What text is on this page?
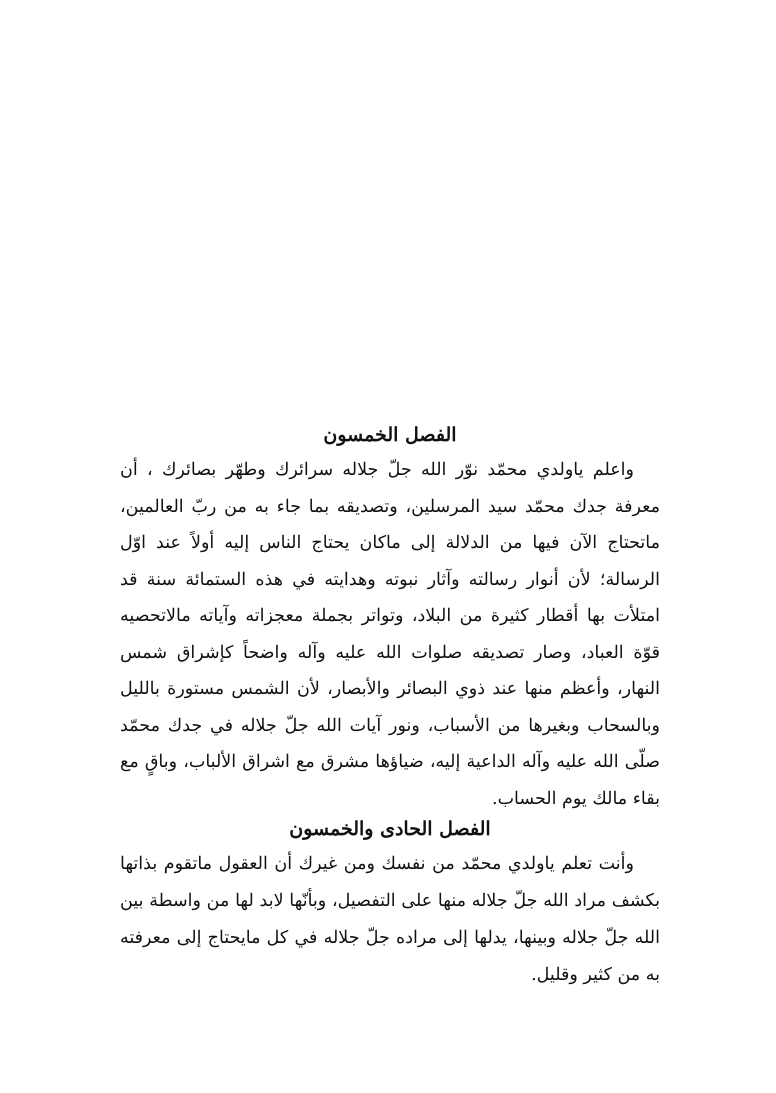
الفصل الخمسون

واعلم ياولدي محمّد نوّر الله جلّ جلاله سرائرك وطهّر بصائرك ، أن معرفة جدك محمّد سيد المرسلين، وتصديقه بما جاء به من ربّ العالمين، ماتحتاج الآن فيها من الدلالة إلى ماكان يحتاج الناس إليه أولاً عند اوّل الرسالة؛ لأن أنوار رسالته وآثار نبوته وهدايته في هذه الستمائة سنة قد امتلأت بها أقطار كثيرة من البلاد، وتواتر بجملة معجزاته وآياته مالاتحصيه قوّة العباد، وصار تصديقه صلوات الله عليه وآله واضحاً كإشراق شمس النهار، وأعظم منها عند ذوي البصائر والأبصار، لأن الشمس مستورة بالليل وبالسحاب وبغيرها من الأسباب، ونور آيات الله جلّ جلاله في جدك محمّد صلّى الله عليه وآله الداعية إليه، ضياؤها مشرق مع اشراق الألباب، وباقٍ مع بقاء مالك يوم الحساب.

الفصل الحادى والخمسون

وأنت تعلم ياولدي محمّد من نفسك ومن غيرك أن العقول ماتقوم بذاتها بكشف مراد الله جلّ جلاله منها على التفصيل، وبأنّها لابد لها من واسطة بين الله جلّ جلاله وبينها، يدلها إلى مراده جلّ جلاله في كل مايحتاج إلى معرفته به من كثير وقليل.
